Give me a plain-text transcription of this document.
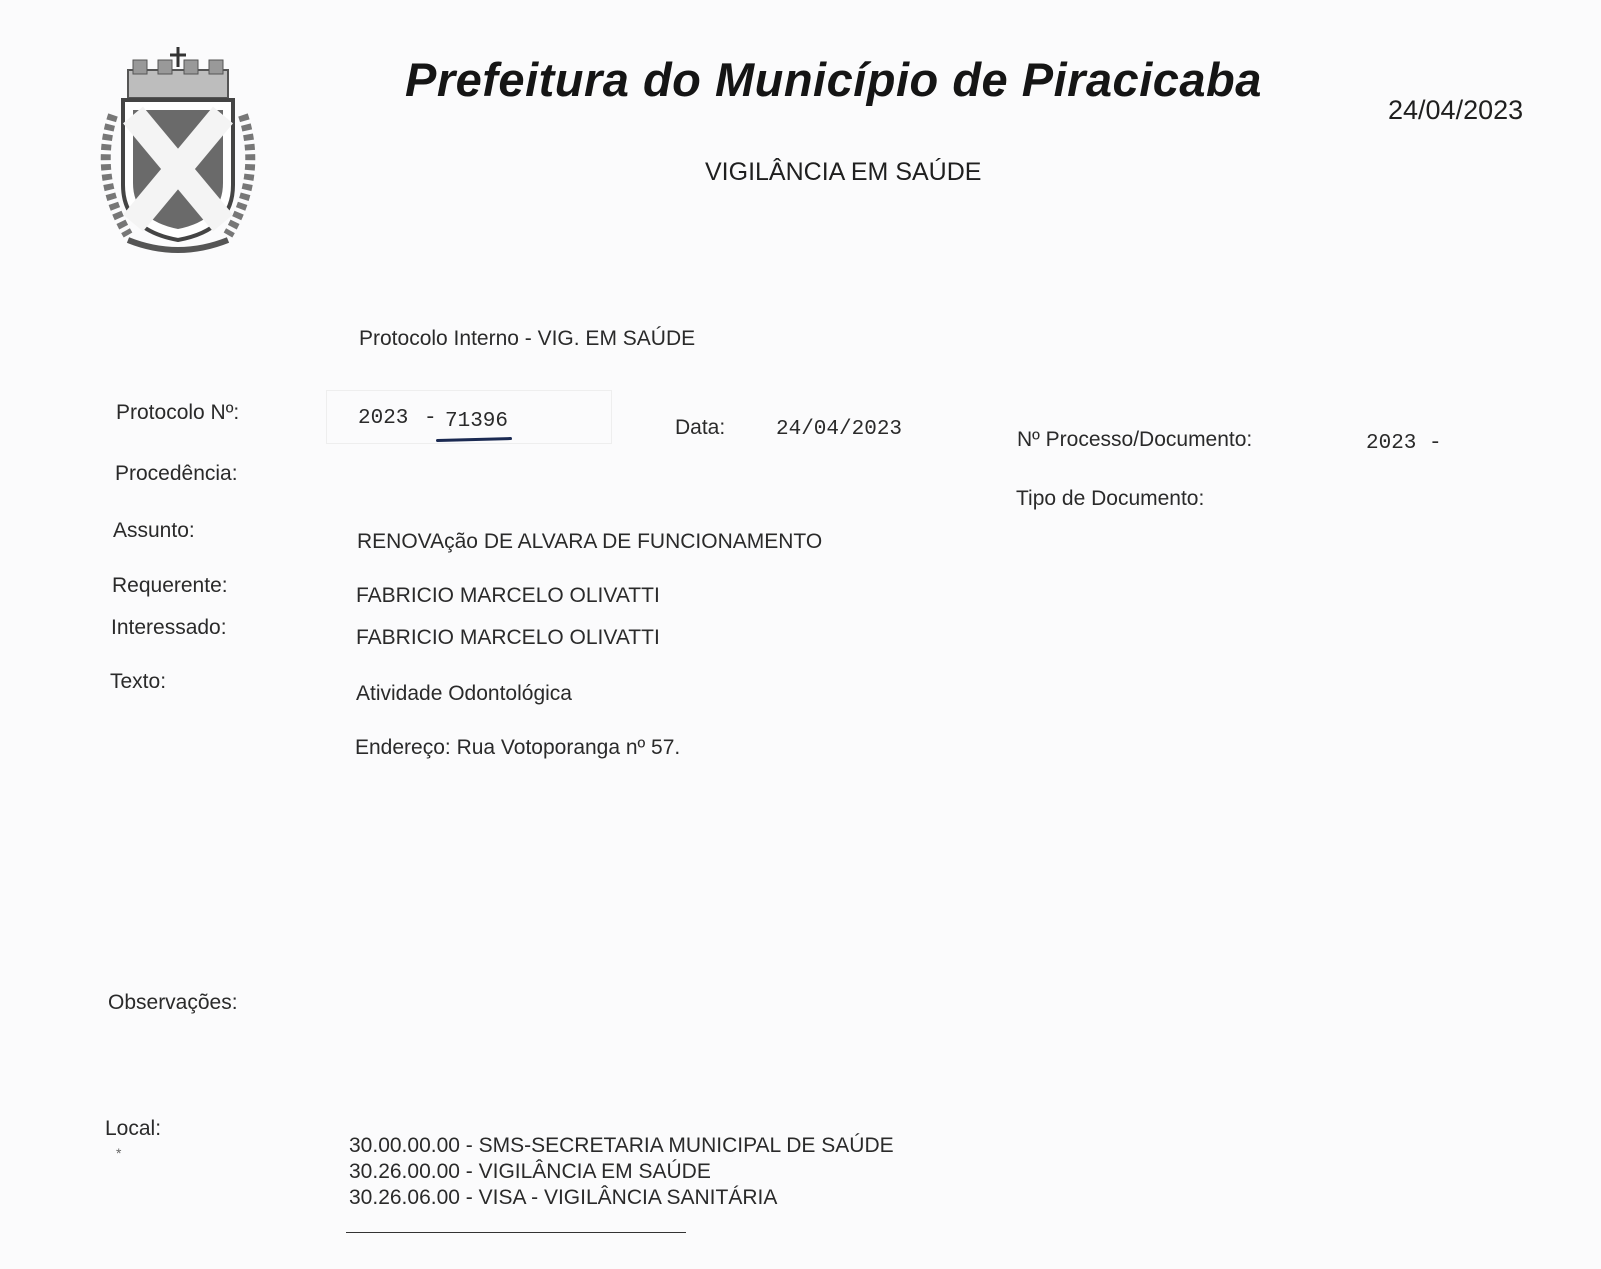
Prefeitura do Município de Piracicaba
24/04/2023
VIGILÂNCIA EM SAÚDE
Protocolo Interno - VIG. EM SAÚDE
Protocolo Nº:	2023 - 71396	Data: 24/04/2023	Nº Processo/Documento:	2023 -
Procedência:
Tipo de Documento:
Assunto:	RENOVAção DE ALVARA DE FUNCIONAMENTO
Requerente:	FABRICIO MARCELO OLIVATTI
Interessado:	FABRICIO MARCELO OLIVATTI
Texto:
Atividade Odontológica
Endereço: Rua Votoporanga nº 57.
Observações:
Local:
*	30.00.00.00 - SMS-SECRETARIA MUNICIPAL DE SAÚDE
30.26.00.00 - VIGILÂNCIA EM SAÚDE
30.26.06.00 - VISA - VIGILÂNCIA SANITÁRIA
